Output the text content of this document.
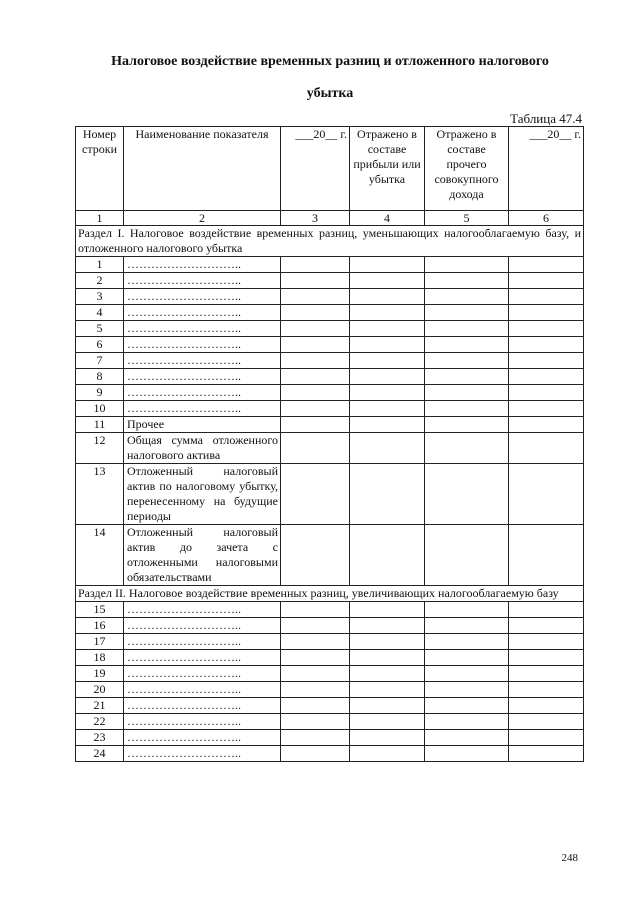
Налоговое воздействие временных разниц и отложенного налогового
убытка
Таблица 47.4
Номер строки	Наименование показателя	___20__ г.	Отражено в составе прибыли или убытка	Отражено в составе прочего совокупного дохода	___20__ г.
1	2	3	4	5	6
Раздел I. Налоговое воздействие временных разниц, уменьшающих налогооблагаемую базу, и отложенного налогового убытка					
1	………………………..				
2	………………………..				
3	………………………..				
4	………………………..				
5	………………………..				
6	………………………..				
7	………………………..				
8	………………………..				
9	………………………..				
10	………………………..				
11	Прочее				
12	Общая сумма отложенного налогового актива				
13	Отложенный налоговый актив по налоговому убытку, перенесенному на будущие периоды				
14	Отложенный налоговый актив до зачета с отложенными налоговыми обязательствами				
Раздел II. Налоговое воздействие временных разниц, увеличивающих налогооблагаемую базу					
15	………………………..				
16	………………………..				
17	………………………..				
18	………………………..				
19	………………………..				
20	………………………..				
21	………………………..				
22	………………………..				
23	………………………..				
24	………………………..				
248
